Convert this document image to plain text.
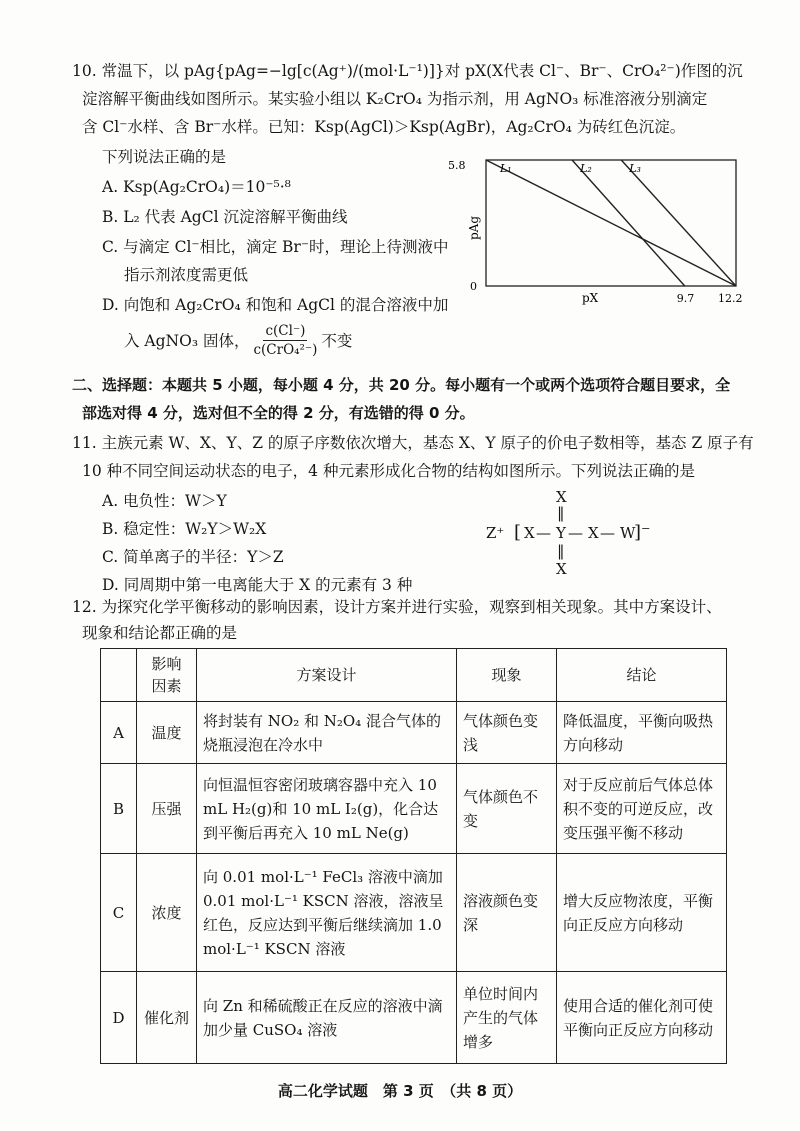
10. 常温下，以 pAg{pAg=−lg[c(Ag⁺)/(mol·L⁻¹)]}对 pX(X代表 Cl⁻、Br⁻、CrO₄²⁻)作图的沉
淀溶解平衡曲线如图所示。某实验小组以 K₂CrO₄ 为指示剂，用 AgNO₃ 标准溶液分别滴定
含 Cl⁻水样、含 Br⁻水样。已知：Ksp(AgCl)＞Ksp(AgBr)，Ag₂CrO₄ 为砖红色沉淀。
下列说法正确的是
A. Ksp(Ag₂CrO₄)＝10⁻⁵·⁸
B. L₂ 代表 AgCl 沉淀溶解平衡曲线
C. 与滴定 Cl⁻相比，滴定 Br⁻时，理论上待测液中
指示剂浓度需更低
D. 向饱和 Ag₂CrO₄ 和饱和 AgCl 的混合溶液中加
入 AgNO₃ 固体，
c(Cl⁻)
c(CrO₄²⁻) 不变
L₁	L₂	L₃
5.8
0
pAg
pX	9.7 12.2
二、选择题：本题共 5 小题，每小题 4 分，共 20 分。每小题有一个或两个选项符合题目要求，全
部选对得 4 分，选对但不全的得 2 分，有选错的得 0 分。
11. 主族元素 W、X、Y、Z 的原子序数依次增大，基态 X、Y 原子的价电子数相等，基态 Z 原子有
10 种不同空间运动状态的电子，4 种元素形成化合物的结构如图所示。下列说法正确的是
A. 电负性：W＞Y
B. 稳定性：W₂Y＞W₂X
C. 简单离子的半径：Y＞Z
D. 同周期中第一电离能大于 X 的元素有 3 种
X
‖
Z⁺ [ X — Y — X — W
]⁻
‖
X
12. 为探究化学平衡移动的影响因素，设计方案并进行实验，观察到相关现象。其中方案设计、
现象和结论都正确的是
	影响
因素	方案设计	现象	结论
A	温度	将封装有 NO₂ 和 N₂O₄ 混合气体的烧瓶浸泡在冷水中	气体颜色变浅	降低温度，平衡向吸热方向移动
B	压强	向恒温恒容密闭玻璃容器中充入 10 mL H₂(g)和 10 mL I₂(g)，化合达到平衡后再充入 10 mL Ne(g)	气体颜色不变	对于反应前后气体总体积不变的可逆反应，改变压强平衡不移动
C	浓度	向 0.01 mol·L⁻¹ FeCl₃ 溶液中滴加 0.01 mol·L⁻¹ KSCN 溶液，溶液呈红色，反应达到平衡后继续滴加 1.0 mol·L⁻¹ KSCN 溶液	溶液颜色变深	增大反应物浓度，平衡向正反应方向移动
D	催化剂	向 Zn 和稀硫酸正在反应的溶液中滴加少量 CuSO₄ 溶液	单位时间内产生的气体增多	使用合适的催化剂可使平衡向正反应方向移动
高二化学试题　第 3 页　（共 8 页）
